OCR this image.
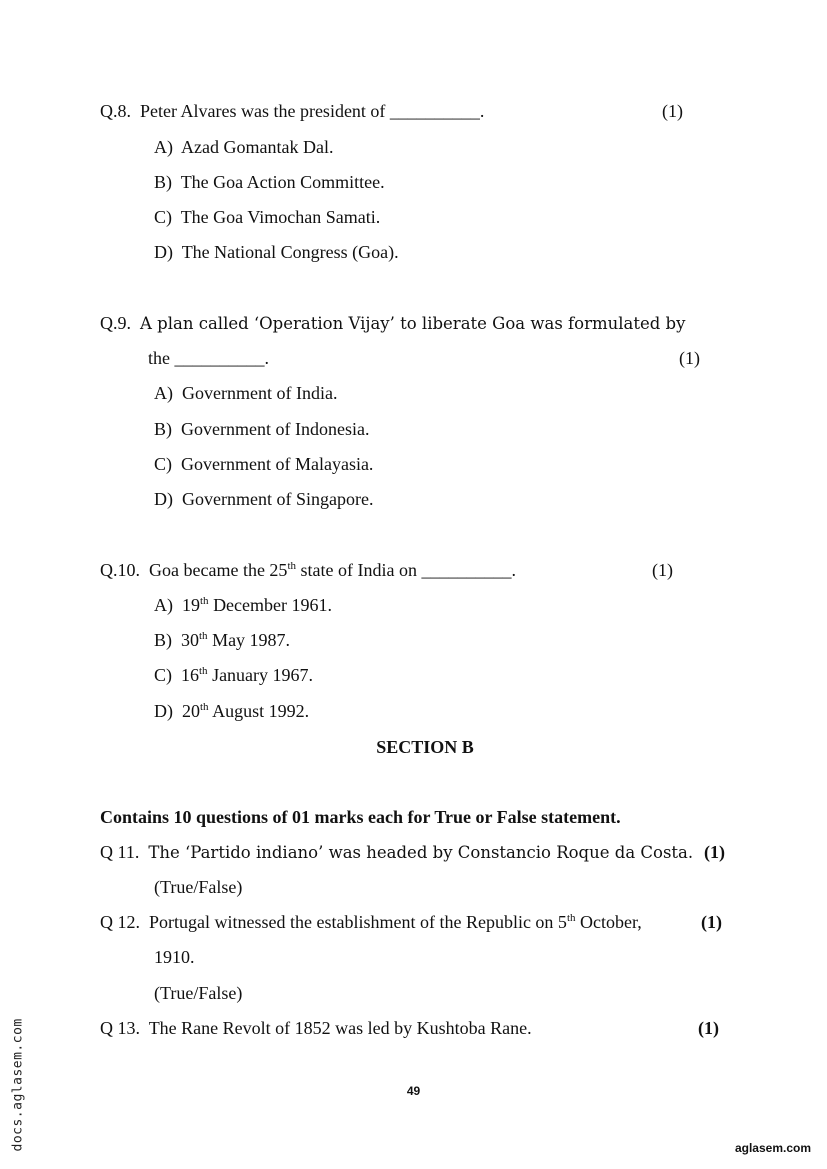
Q.8. Peter Alvares was the president of __________.	(1)
A) Azad Gomantak Dal.
B) The Goa Action Committee.
C) The Goa Vimochan Samati.
D) The National Congress (Goa).
Q.9. A plan called ‘Operation Vijay’ to liberate Goa was formulated by
the __________.	(1)
A) Government of India.
B) Government of Indonesia.
C) Government of Malayasia.
D) Government of Singapore.
Q.10. Goa became the 25th state of India on __________.	(1)
A) 19th December 1961.
B) 30th May 1987.
C) 16th January 1967.
D) 20th August 1992.
SECTION B
Contains 10 questions of 01 marks each for True or False statement.
Q 11. The ‘Partido indiano’ was headed by Constancio Roque da Costa. (1)
(True/False)
Q 12. Portugal witnessed the establishment of the Republic on 5th October,	(1)
1910.
(True/False)
Q 13. The Rane Revolt of 1852 was led by Kushtoba Rane.	(1)
49
docs.aglasem.com	aglasem.com
